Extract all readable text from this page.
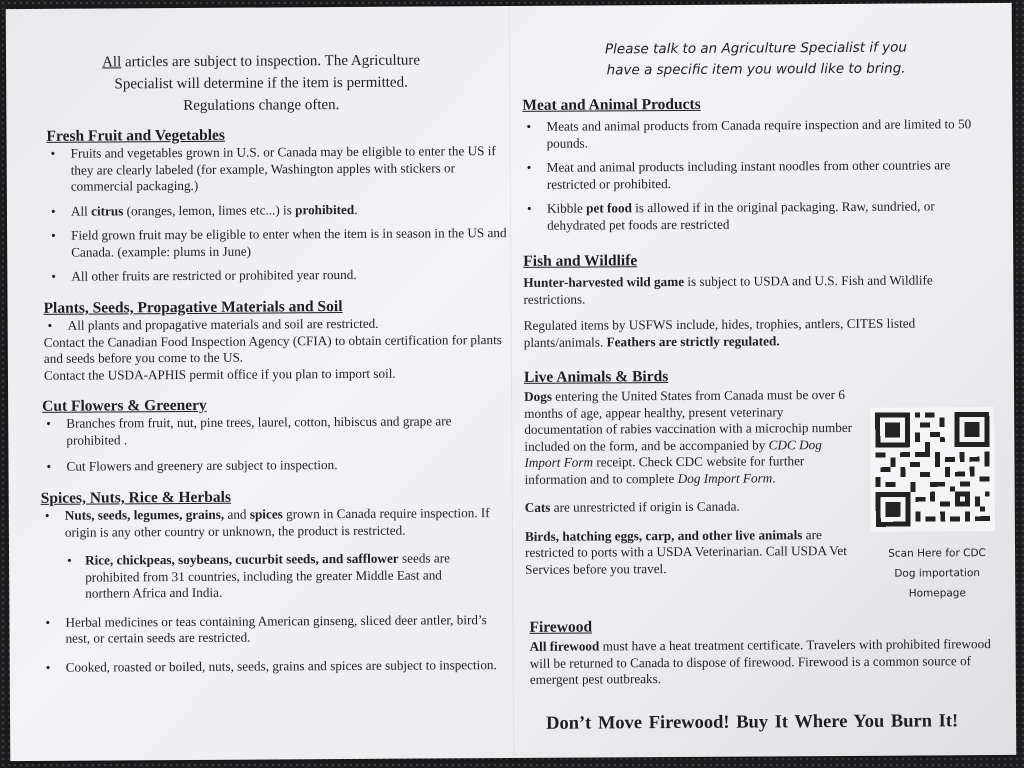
All articles are subject to inspection. The Agriculture
Specialist will determine if the item is permitted.
Regulations change often.
Fresh Fruit and Vegetables
• Fruits and vegetables grown in U.S. or Canada may be eligible to enter the US if they are clearly labeled (for example, Washington apples with stickers or commercial packaging.)
• All citrus (oranges, lemon, limes etc...) is prohibited.
• Field grown fruit may be eligible to enter when the item is in season in the US and Canada. (example: plums in June)
• All other fruits are restricted or prohibited year round.
Plants, Seeds, Propagative Materials and Soil
• All plants and propagative materials and soil are restricted.
Contact the Canadian Food Inspection Agency (CFIA) to obtain certification for plants and seeds before you come to the US.
Contact the USDA-APHIS permit office if you plan to import soil.
Cut Flowers & Greenery
• Branches from fruit, nut, pine trees, laurel, cotton, hibiscus and grape are prohibited .
• Cut Flowers and greenery are subject to inspection.
Spices, Nuts, Rice & Herbals
• Nuts, seeds, legumes, grains, and spices grown in Canada require inspection. If origin is any other country or unknown, the product is restricted.
• Rice, chickpeas, soybeans, cucurbit seeds, and safflower seeds are prohibited from 31 countries, including the greater Middle East and northern Africa and India.
• Herbal medicines or teas containing American ginseng, sliced deer antler, bird’s nest, or certain seeds are restricted.
• Cooked, roasted or boiled, nuts, seeds, grains and spices are subject to inspection.
Please talk to an Agriculture Specialist if you
have a specific item you would like to bring.
Meat and Animal Products
• Meats and animal products from Canada require inspection and are limited to 50 pounds.
• Meat and animal products including instant noodles from other countries are restricted or prohibited.
• Kibble pet food is allowed if in the original packaging. Raw, sundried, or dehydrated pet foods are restricted
Fish and Wildlife
Hunter-harvested wild game is subject to USDA and U.S. Fish and Wildlife restrictions.
Regulated items by USFWS include, hides, trophies, antlers, CITES listed plants/animals. Feathers are strictly regulated.
Live Animals & Birds
Dogs entering the United States from Canada must be over 6 months of age, appear healthy, present veterinary documentation of rabies vaccination with a microchip number included on the form, and be accompanied by CDC Dog Import Form receipt. Check CDC website for further information and to complete Dog Import Form.
Cats are unrestricted if origin is Canada.
Birds, hatching eggs, carp, and other live animals are restricted to ports with a USDA Veterinarian. Call USDA Vet Services before you travel.
Scan Here for CDC
Dog importation
Homepage
Firewood
All firewood must have a heat treatment certificate. Travelers with prohibited firewood will be returned to Canada to dispose of firewood. Firewood is a common source of emergent pest outbreaks.
Don’t Move Firewood! Buy It Where You Burn It!
